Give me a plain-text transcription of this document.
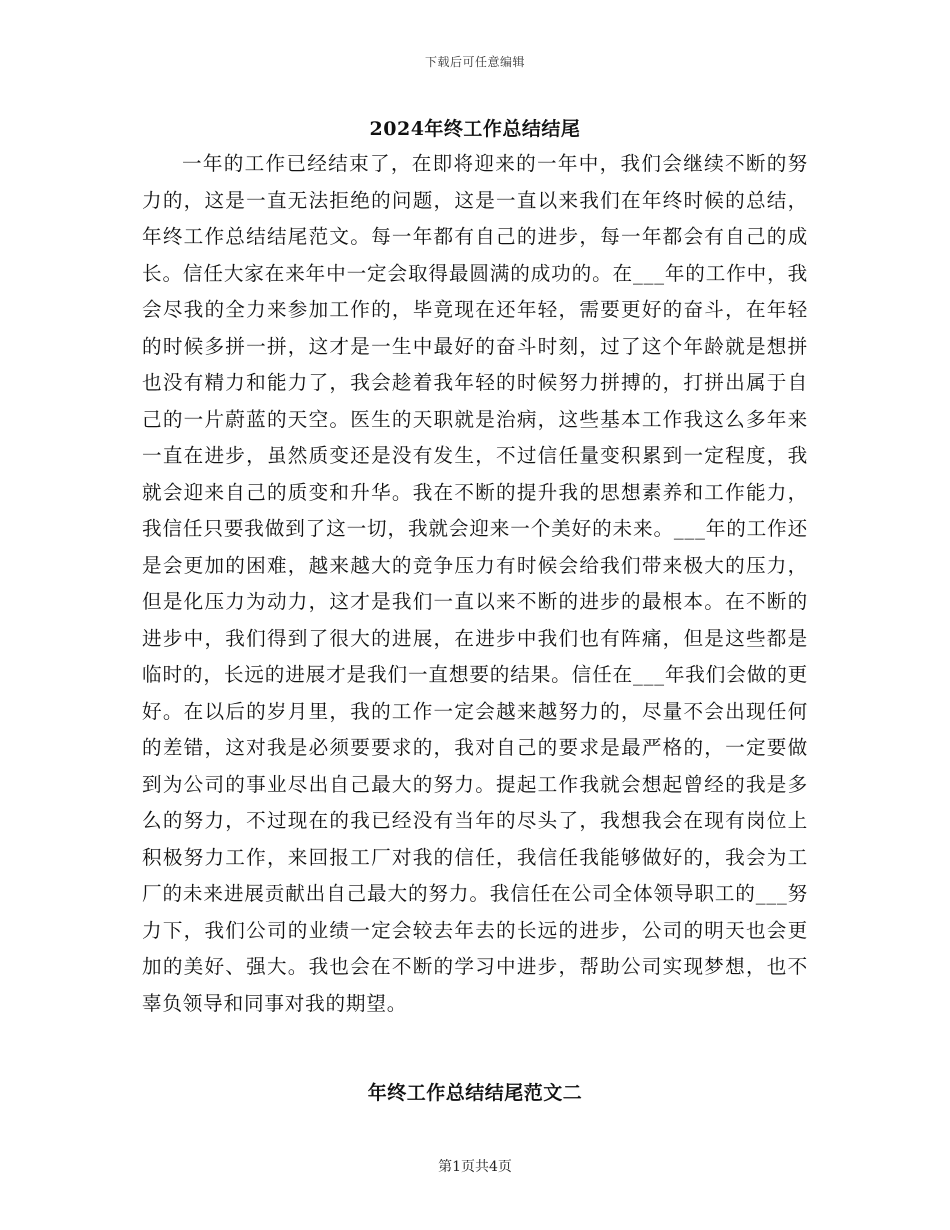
下载后可任意编辑
2024年终工作总结结尾

一年的工作已经结束了，在即将迎来的一年中，我们会继续不断的努力的，这是一直无法拒绝的问题，这是一直以来我们在年终时候的总结，年终工作总结结尾范文。每一年都有自己的进步，每一年都会有自己的成长。信任大家在来年中一定会取得最圆满的成功的。在___年的工作中，我会尽我的全力来参加工作的，毕竟现在还年轻，需要更好的奋斗，在年轻的时候多拼一拼，这才是一生中最好的奋斗时刻，过了这个年龄就是想拼也没有精力和能力了，我会趁着我年轻的时候努力拼搏的，打拼出属于自己的一片蔚蓝的天空。医生的天职就是治病，这些基本工作我这么多年来一直在进步，虽然质变还是没有发生，不过信任量变积累到一定程度，我就会迎来自己的质变和升华。我在不断的提升我的思想素养和工作能力，我信任只要我做到了这一切，我就会迎来一个美好的未来。___年的工作还是会更加的困难，越来越大的竞争压力有时候会给我们带来极大的压力，但是化压力为动力，这才是我们一直以来不断的进步的最根本。在不断的进步中，我们得到了很大的进展，在进步中我们也有阵痛，但是这些都是临时的，长远的进展才是我们一直想要的结果。信任在___年我们会做的更好。在以后的岁月里，我的工作一定会越来越努力的，尽量不会出现任何的差错，这对我是必须要要求的，我对自己的要求是最严格的，一定要做到为公司的事业尽出自己最大的努力。提起工作我就会想起曾经的我是多么的努力，不过现在的我已经没有当年的尽头了，我想我会在现有岗位上积极努力工作，来回报工厂对我的信任，我信任我能够做好的，我会为工厂的未来进展贡献出自己最大的努力。我信任在公司全体领导职工的___努力下，我们公司的业绩一定会较去年去的长远的进步，公司的明天也会更加的美好、强大。我也会在不断的学习中进步，帮助公司实现梦想，也不辜负领导和同事对我的期望。

年终工作总结结尾范文二
第1页共4页
